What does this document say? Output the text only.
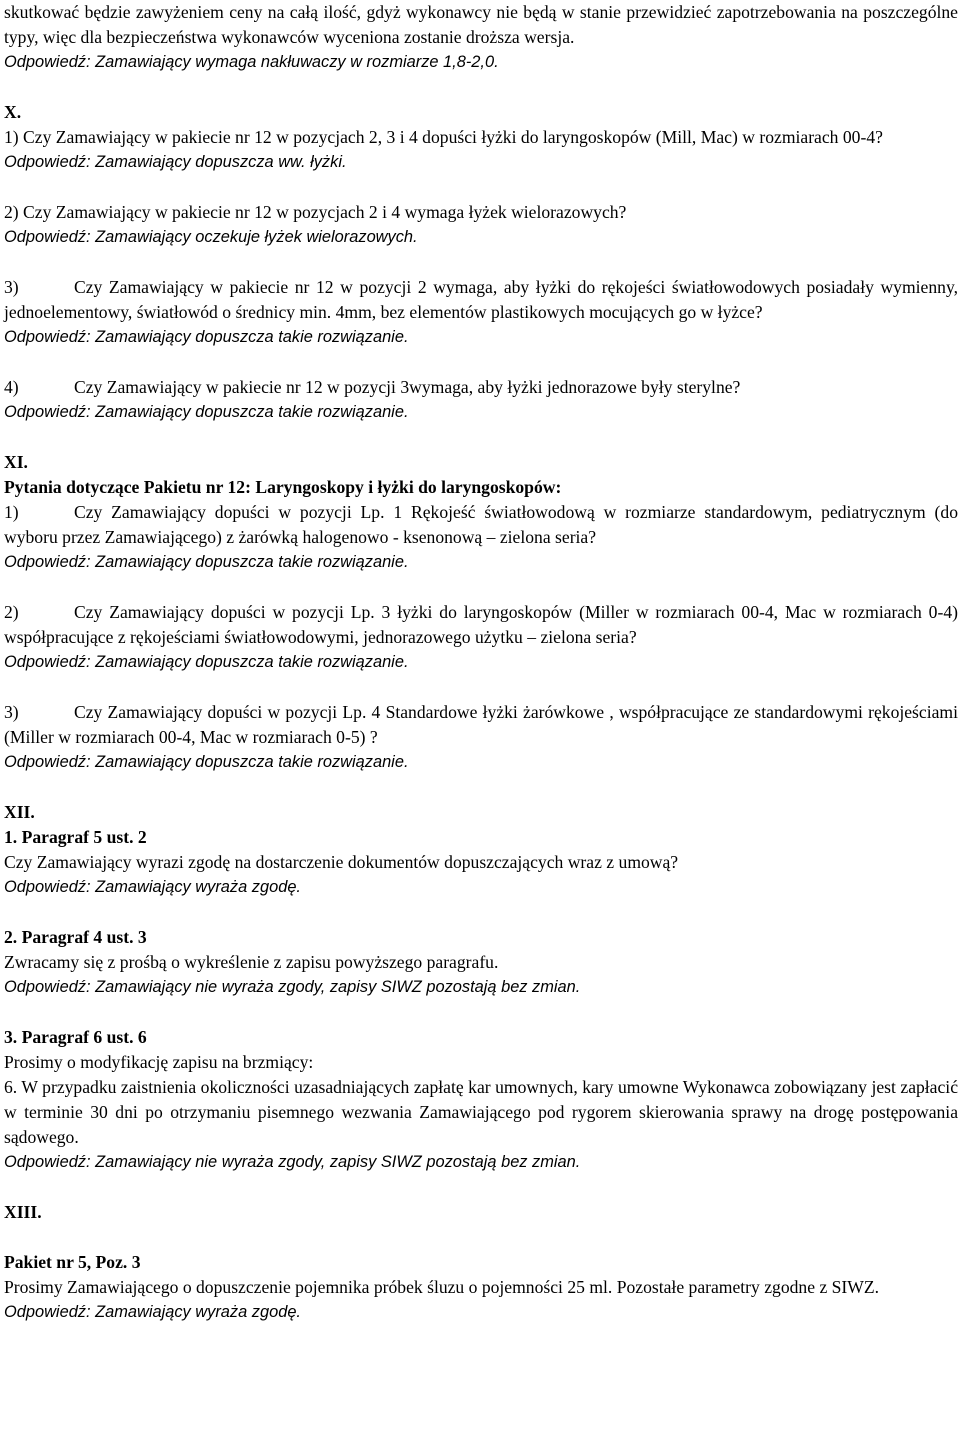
skutkować będzie zawyżeniem ceny na całą ilość, gdyż wykonawcy nie będą w stanie przewidzieć zapotrzebowania na poszczególne typy, więc dla bezpieczeństwa wykonawców wyceniona zostanie droższa wersja.

Odpowiedź: Zamawiający wymaga nakłuwaczy w rozmiarze 1,8-2,0.

X.

1) Czy Zamawiający w pakiecie nr 12 w pozycjach 2, 3 i 4 dopuści łyżki do laryngoskopów (Mill, Mac) w rozmiarach 00-4?

Odpowiedź: Zamawiający dopuszcza ww. łyżki.

2) Czy Zamawiający w pakiecie nr 12 w pozycjach 2 i 4 wymaga łyżek wielorazowych?

Odpowiedź: Zamawiający oczekuje łyżek wielorazowych.

3)	Czy Zamawiający w pakiecie nr 12 w pozycji 2 wymaga, aby łyżki do rękojeści światłowodowych posiadały wymienny, jednoelementowy, światłowód o średnicy min. 4mm, bez elementów plastikowych mocujących go w łyżce?

Odpowiedź: Zamawiający dopuszcza takie rozwiązanie.

4)	Czy Zamawiający w pakiecie nr 12 w pozycji 3wymaga, aby łyżki jednorazowe były sterylne?

Odpowiedź: Zamawiający dopuszcza takie rozwiązanie.

XI.

Pytania dotyczące Pakietu nr 12: Laryngoskopy i łyżki do laryngoskopów:

1)	Czy Zamawiający dopuści w pozycji Lp. 1 Rękojeść światłowodową w rozmiarze standardowym, pediatrycznym (do wyboru przez Zamawiającego) z żarówką halogenowo - ksenonową – zielona seria?

Odpowiedź: Zamawiający dopuszcza takie rozwiązanie.

2)	Czy Zamawiający dopuści w pozycji Lp. 3 łyżki do laryngoskopów (Miller w rozmiarach 00-4, Mac w rozmiarach 0-4) współpracujące z rękojeściami światłowodowymi, jednorazowego użytku – zielona seria?

Odpowiedź: Zamawiający dopuszcza takie rozwiązanie.

3)	Czy Zamawiający dopuści w pozycji Lp. 4 Standardowe łyżki żarówkowe , współpracujące ze standardowymi rękojeściami (Miller w rozmiarach 00-4, Mac w rozmiarach 0-5) ?

Odpowiedź: Zamawiający dopuszcza takie rozwiązanie.

XII.

1. Paragraf 5 ust. 2

Czy Zamawiający wyrazi zgodę na dostarczenie dokumentów dopuszczających wraz z umową?

Odpowiedź: Zamawiający wyraża zgodę.

2. Paragraf 4 ust. 3

Zwracamy się z prośbą o wykreślenie z zapisu powyższego paragrafu.

Odpowiedź: Zamawiający nie wyraża zgody, zapisy SIWZ pozostają bez zmian.

3. Paragraf 6 ust. 6

Prosimy o modyfikację zapisu na brzmiący:

6. W przypadku zaistnienia okoliczności uzasadniających zapłatę kar umownych, kary umowne Wykonawca zobowiązany jest zapłacić w terminie 30 dni po otrzymaniu pisemnego wezwania Zamawiającego pod rygorem skierowania sprawy na drogę postępowania sądowego.

Odpowiedź: Zamawiający nie wyraża zgody, zapisy SIWZ pozostają bez zmian.

XIII.

Pakiet nr 5, Poz. 3

Prosimy Zamawiającego o dopuszczenie pojemnika próbek śluzu o pojemności 25 ml. Pozostałe parametry zgodne z SIWZ.

Odpowiedź: Zamawiający wyraża zgodę.
